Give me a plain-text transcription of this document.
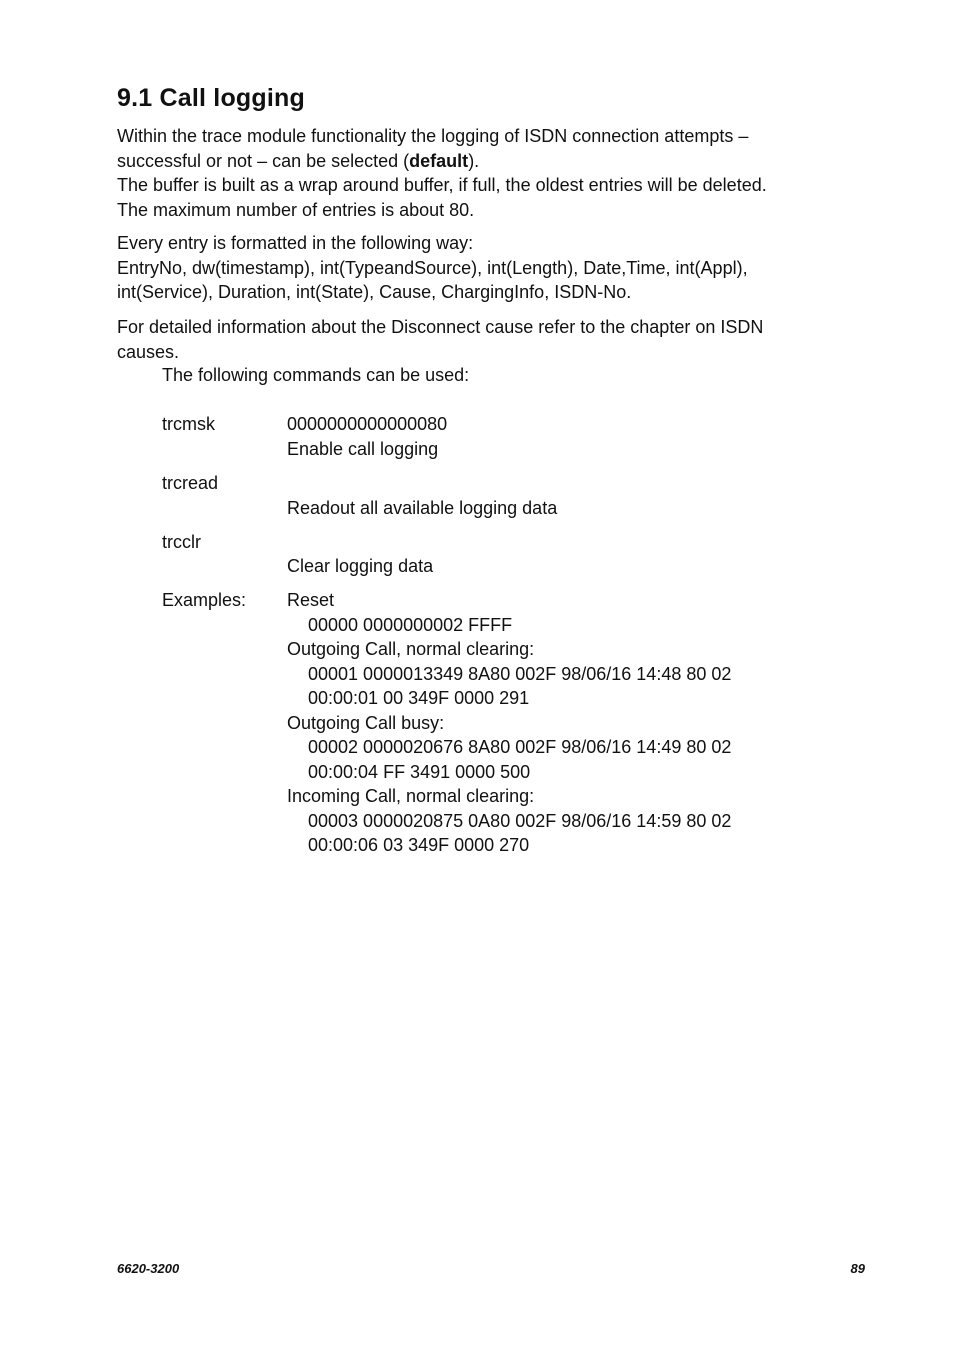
9.1 Call logging
Within the trace module functionality the logging of ISDN connection attempts –
successful or not – can be selected (default).
The buffer is built as a wrap around buffer, if full, the oldest entries will be deleted.
The maximum number of entries is about 80.
Every entry is formatted in the following way:
EntryNo, dw(timestamp), int(TypeandSource), int(Length), Date,Time, int(Appl),
int(Service), Duration, int(State), Cause, ChargingInfo, ISDN-No.
For detailed information about the Disconnect cause refer to the chapter on ISDN
causes.
The following commands can be used:
trcmsk	0000000000000080
Enable call logging
trcread
Readout all available logging data
trcclr
Clear logging data
Examples: Reset
00000 0000000002 FFFF
Outgoing Call, normal clearing:
00001 0000013349 8A80 002F 98/06/16 14:48 80 02
00:00:01 00 349F 0000 291
Outgoing Call busy:
00002 0000020676 8A80 002F 98/06/16 14:49 80 02
00:00:04 FF 3491 0000 500
Incoming Call, normal clearing:
00003 0000020875 0A80 002F 98/06/16 14:59 80 02
00:00:06 03 349F 0000 270
6620-3200	89
